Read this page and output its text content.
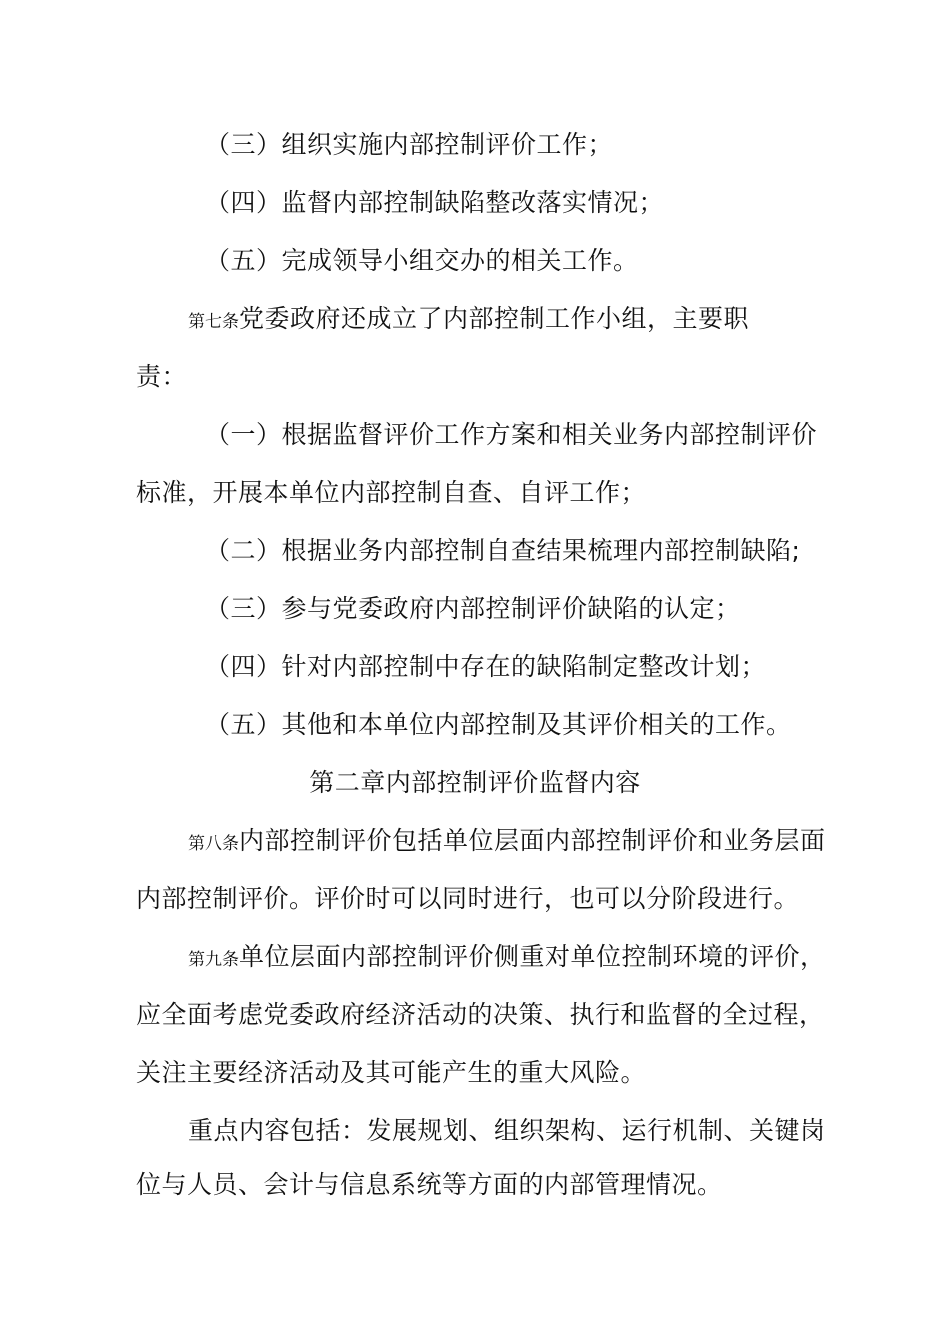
（三）组织实施内部控制评价工作；
（四）监督内部控制缺陷整改落实情况；
（五）完成领导小组交办的相关工作。
第七条党委政府还成立了内部控制工作小组，主要职
责：
（一）根据监督评价工作方案和相关业务内部控制评价
标准，开展本单位内部控制自查、自评工作；
（二）根据业务内部控制自查结果梳理内部控制缺陷;
（三）参与党委政府内部控制评价缺陷的认定；
（四）针对内部控制中存在的缺陷制定整改计划；
（五）其他和本单位内部控制及其评价相关的工作。
第二章内部控制评价监督内容
第八条内部控制评价包括单位层面内部控制评价和业务层面
内部控制评价。评价时可以同时进行，也可以分阶段进行。
第九条单位层面内部控制评价侧重对单位控制环境的评价，
应全面考虑党委政府经济活动的决策、执行和监督的全过程，
关注主要经济活动及其可能产生的重大风险。
重点内容包括：发展规划、组织架构、运行机制、关键岗
位与人员、会计与信息系统等方面的内部管理情况。
